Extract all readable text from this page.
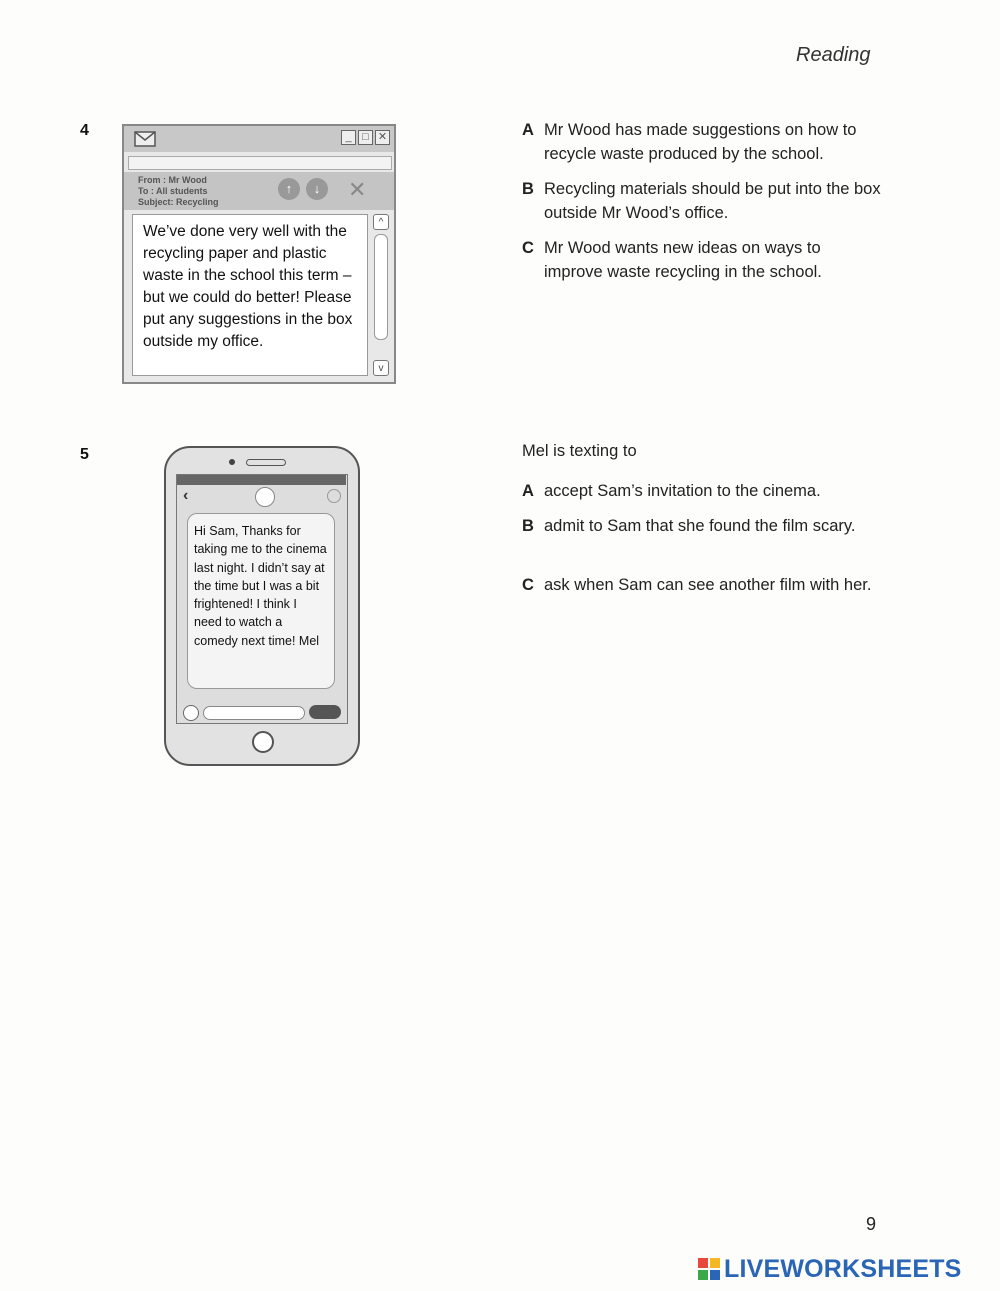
Reading
4	_ □ ✕
From : Mr Wood
To : All students
Subject: Recycling
↑	↓	✕
We’ve done very well with the recycling paper and plastic waste in the school this term – but we could do better! Please put any suggestions in the box outside my office.
^
v
A Mr Wood has made suggestions on how to recycle waste produced by the school.
B Recycling materials should be put into the box outside Mr Wood’s office.
C Mr Wood wants new ideas on ways to improve waste recycling in the school.
5
‹
Hi Sam, Thanks for taking me to the cinema last night. I didn’t say at the time but I was a bit frightened! I think I need to watch a comedy next time! Mel
Mel is texting to
A accept Sam’s invitation to the cinema.
B admit to Sam that she found the film scary.
C ask when Sam can see another film with her.
9
LIVEWORKSHEETS
